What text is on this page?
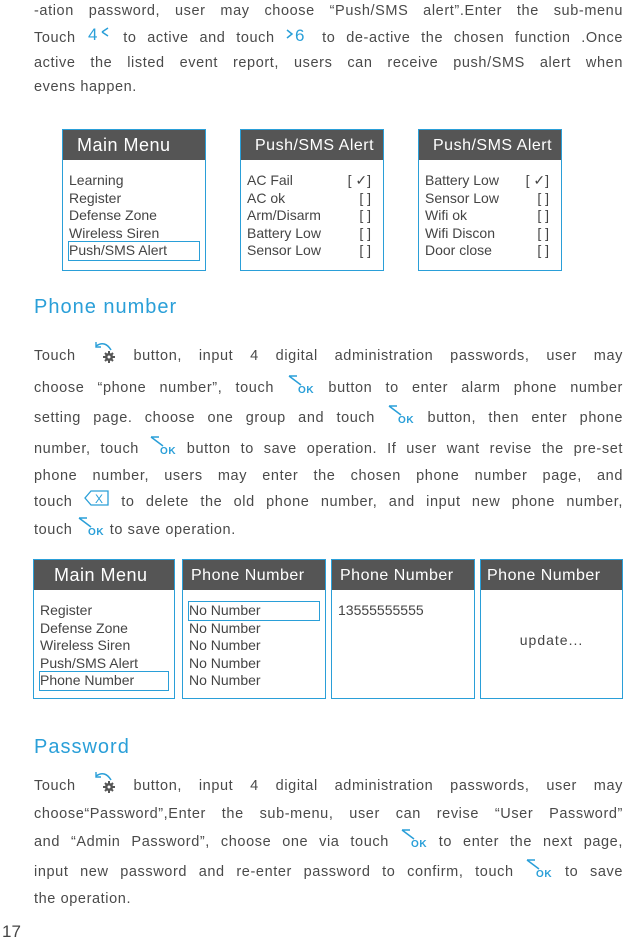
-ation password, user may choose “Push/SMS alert”.Enter the sub-menu
Touch 4 to active and touch 6 to de-active the chosen function .Once
active the listed event report, users can receive push/SMS alert when
evens happen.
Main Menu
Learning
Register
Defense Zone
Wireless Siren
Push/SMS Alert
Push/SMS Alert
AC Fail	[ ✓]
AC ok	[ ]
Arm/Disarm	[ ]
Battery Low	[ ]
Sensor Low	[ ]
Push/SMS Alert
Battery Low [ ✓]
Sensor Low	[ ]
Wifi ok	[ ]
Wifi Discon	[ ]
Door close	[ ]
Phone number
Touch	button, input 4 digital administration passwords, user may
choose “phone number”, touch OK button to enter alarm phone number
setting page. choose one group and touch OK button, then enter phone
number, touch OK button to save operation. If user want revise the pre-set
phone number, users may enter the chosen phone number page, and
touch X to delete the old phone number, and input new phone number,
touch OK to save operation.
Main Menu
Register
Defense Zone
Wireless Siren
Push/SMS Alert
Phone Number
Phone Number
No Number
No Number
No Number
No Number
No Number
Phone Number
13555555555
Phone Number
update...
Password
Touch	button, input 4 digital administration passwords, user may
choose“Password”,Enter the sub-menu, user can revise “User Password”
and “Admin Password”, choose one via touch OK to enter the next page,
input new password and re-enter password to confirm, touch OK to save
the operation.
17
